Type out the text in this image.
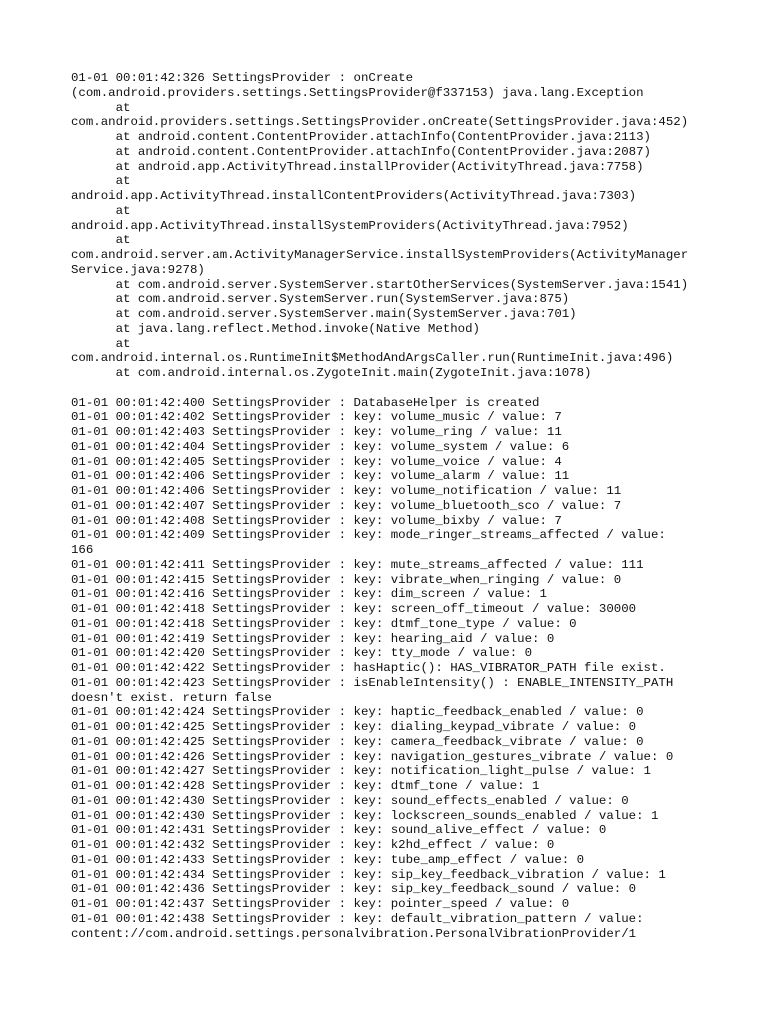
01-01 00:01:42:326 SettingsProvider : onCreate
(com.android.providers.settings.SettingsProvider@f337153) java.lang.Exception
at
com.android.providers.settings.SettingsProvider.onCreate(SettingsProvider.java:452)
at android.content.ContentProvider.attachInfo(ContentProvider.java:2113)
at android.content.ContentProvider.attachInfo(ContentProvider.java:2087)
at android.app.ActivityThread.installProvider(ActivityThread.java:7758)
at
android.app.ActivityThread.installContentProviders(ActivityThread.java:7303)
at
android.app.ActivityThread.installSystemProviders(ActivityThread.java:7952)
at
com.android.server.am.ActivityManagerService.installSystemProviders(ActivityManager
Service.java:9278)
at com.android.server.SystemServer.startOtherServices(SystemServer.java:1541)
at com.android.server.SystemServer.run(SystemServer.java:875)
at com.android.server.SystemServer.main(SystemServer.java:701)
at java.lang.reflect.Method.invoke(Native Method)
at
com.android.internal.os.RuntimeInit$MethodAndArgsCaller.run(RuntimeInit.java:496)
at com.android.internal.os.ZygoteInit.main(ZygoteInit.java:1078)
01-01 00:01:42:400 SettingsProvider : DatabaseHelper is created
01-01 00:01:42:402 SettingsProvider : key: volume_music / value: 7
01-01 00:01:42:403 SettingsProvider : key: volume_ring / value: 11
01-01 00:01:42:404 SettingsProvider : key: volume_system / value: 6
01-01 00:01:42:405 SettingsProvider : key: volume_voice / value: 4
01-01 00:01:42:406 SettingsProvider : key: volume_alarm / value: 11
01-01 00:01:42:406 SettingsProvider : key: volume_notification / value: 11
01-01 00:01:42:407 SettingsProvider : key: volume_bluetooth_sco / value: 7
01-01 00:01:42:408 SettingsProvider : key: volume_bixby / value: 7
01-01 00:01:42:409 SettingsProvider : key: mode_ringer_streams_affected / value:
166
01-01 00:01:42:411 SettingsProvider : key: mute_streams_affected / value: 111
01-01 00:01:42:415 SettingsProvider : key: vibrate_when_ringing / value: 0
01-01 00:01:42:416 SettingsProvider : key: dim_screen / value: 1
01-01 00:01:42:418 SettingsProvider : key: screen_off_timeout / value: 30000
01-01 00:01:42:418 SettingsProvider : key: dtmf_tone_type / value: 0
01-01 00:01:42:419 SettingsProvider : key: hearing_aid / value: 0
01-01 00:01:42:420 SettingsProvider : key: tty_mode / value: 0
01-01 00:01:42:422 SettingsProvider : hasHaptic(): HAS_VIBRATOR_PATH file exist.
01-01 00:01:42:423 SettingsProvider : isEnableIntensity() : ENABLE_INTENSITY_PATH
doesn't exist. return false
01-01 00:01:42:424 SettingsProvider : key: haptic_feedback_enabled / value: 0
01-01 00:01:42:425 SettingsProvider : key: dialing_keypad_vibrate / value: 0
01-01 00:01:42:425 SettingsProvider : key: camera_feedback_vibrate / value: 0
01-01 00:01:42:426 SettingsProvider : key: navigation_gestures_vibrate / value: 0
01-01 00:01:42:427 SettingsProvider : key: notification_light_pulse / value: 1
01-01 00:01:42:428 SettingsProvider : key: dtmf_tone / value: 1
01-01 00:01:42:430 SettingsProvider : key: sound_effects_enabled / value: 0
01-01 00:01:42:430 SettingsProvider : key: lockscreen_sounds_enabled / value: 1
01-01 00:01:42:431 SettingsProvider : key: sound_alive_effect / value: 0
01-01 00:01:42:432 SettingsProvider : key: k2hd_effect / value: 0
01-01 00:01:42:433 SettingsProvider : key: tube_amp_effect / value: 0
01-01 00:01:42:434 SettingsProvider : key: sip_key_feedback_vibration / value: 1
01-01 00:01:42:436 SettingsProvider : key: sip_key_feedback_sound / value: 0
01-01 00:01:42:437 SettingsProvider : key: pointer_speed / value: 0
01-01 00:01:42:438 SettingsProvider : key: default_vibration_pattern / value:
content://com.android.settings.personalvibration.PersonalVibrationProvider/1
